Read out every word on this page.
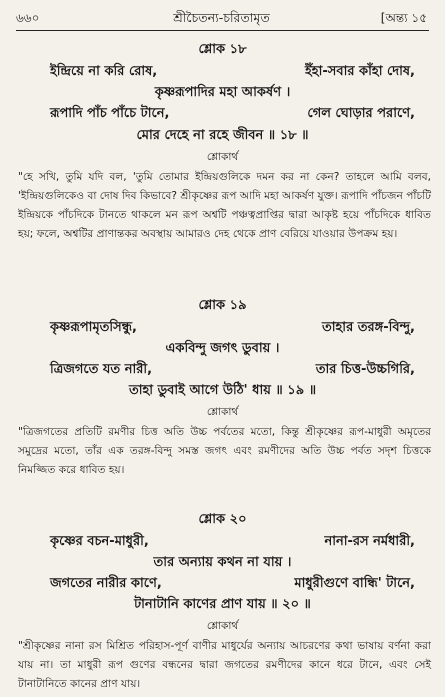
৬৬০	শ্রীচৈতন্য-চরিতামৃত	[অন্ত্য ১৫
শ্লোক ১৮
ইন্দ্রিয়ে না করি রোষ,	ইঁহা-সবার কাঁহা দোষ,
কৃষ্ণরূপাদির মহা আকর্ষণ ।
রূপাদি পাঁচ পাঁচে টানে,	গেল ঘোড়ার পরাণে,
মোর দেহে না রহে জীবন ॥ ১৮ ॥
শ্লোকার্থ
"হে সখি, তুমি যদি বল, 'তুমি তোমার ইন্দ্রিয়গুলিকে দমন কর না কেন? তাহলে আমি বলব, 'ইন্দ্রিয়গুলিকেও বা দোষ দিব কিভাবে? শ্রীকৃষ্ণের রূপ আদি মহা আকর্ষণ যুক্ত। রূপাদি পাঁচজন পাঁচটি ইন্দ্রিয়কে পাঁচদিকে টানতে থাকলে মন রূপ অশ্বটি পঞ্চত্বপ্রাপ্তির দ্বারা আকৃষ্ট হয়ে পাঁচদিকে ধাবিত হয়; ফলে, অশ্বটির প্রাণান্তকর অবস্থায় আমারও দেহ থেকে প্রাণ বেরিয়ে যাওয়ার উপক্রম হয়।
শ্লোক ১৯
কৃষ্ণরূপামৃতসিন্ধু,	তাহার তরঙ্গ-বিন্দু,
একবিন্দু জগৎ ডুবায় ।
ত্রিজগতে যত নারী,	তার চিত্ত-উচ্চগিরি,
তাহা ডুবাই আগে উঠি' ধায় ॥ ১৯ ॥
শ্লোকার্থ
"ত্রিজগতের প্রতিটি রমণীর চিত্ত অতি উচ্চ পর্বতের মতো, কিন্তু শ্রীকৃষ্ণের রূপ-মাধুরী অমৃতের সমুদ্রের মতো, তাঁর এক তরঙ্গ-বিন্দু সমস্ত জগৎ এবং রমণীদের অতি উচ্চ পর্বত সদৃশ চিত্তকে নিমজ্জিত করে ধাবিত হয়।
শ্লোক ২০
কৃষ্ণের বচন-মাধুরী,	নানা-রস নর্মধারী,
তার অন্যায় কথন না যায় ।
জগতের নারীর কাণে,	মাধুরীগুণে বান্ধি' টানে,
টানাটানি কাণের প্রাণ যায় ॥ ২০ ॥
শ্লোকার্থ
"শ্রীকৃষ্ণের নানা রস মিশ্রিত পরিহাস-পূর্ণ বাণীর মাধুর্যের অন্যায় আচরণের কথা ভাষায় বর্ণনা করা যায় না। তা মাধুরী রূপ গুণের বন্ধনের দ্বারা জগতের রমণীদের কানে ধরে টানে, এবং সেই টানাটানিতে কানের প্রাণ যায়।
